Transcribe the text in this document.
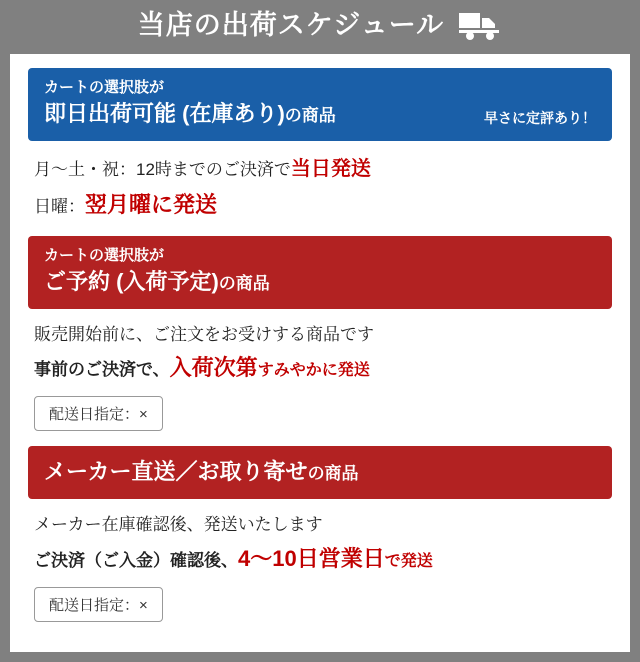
当店の出荷スケジュール
カートの選択肢が
即日出荷可能 (在庫あり)の商品	早さに定評あり！
月～土・祝：12時までのご決済で当日発送
日曜：翌月曜に発送
カートの選択肢が
ご予約 (入荷予定)の商品
販売開始前に、ご注文をお受けする商品です
事前のご決済で、入荷次第すみやかに発送
配送日指定：×
メーカー直送／お取り寄せの商品
メーカー在庫確認後、発送いたします
ご決済（ご入金）確認後、4～10日営業日で発送
配送日指定：×
